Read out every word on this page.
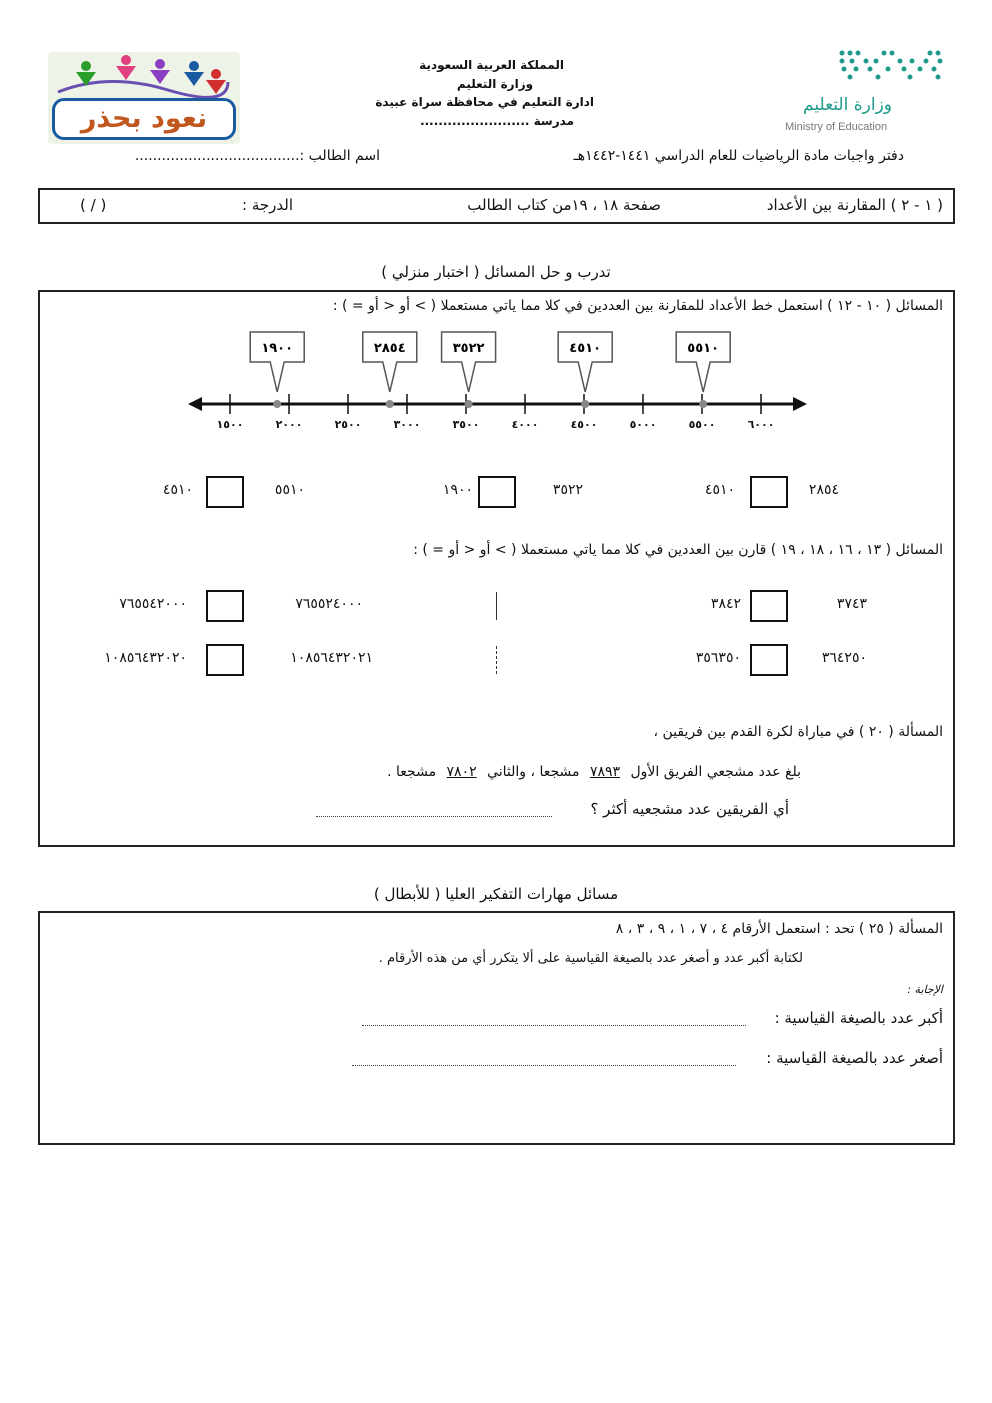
وزارة التعليم
Ministry of Education
المملكة العربية السعودية
وزارة التعليم
ادارة التعليم في محافظة سراة عبيدة
مدرسة ........................
نعود بحذر
دفتر واجبات مادة الرياضيات للعام الدراسي ١٤٤١-١٤٤٢هـ
اسم الطالب :.....................................
( ١ - ٢ ) المقارنة بين الأعداد
صفحة ١٨ ، ١٩من كتاب الطالب
الدرجة :
( / )
تدرب و حل المسائل ( اختبار منزلي )
المسائل ( ١٠ - ١٢ ) استعمل خط الأعداد للمقارنة بين العددين في كلا مما ياتي مستعملا ( > أو < أو = ) :
١٩٠٠	٢٨٥٤	٣٥٢٢	٤٥١٠	٥٥١٠
١٥٠٠	٢٠٠٠	٢٥٠٠	٣٠٠٠	٣٥٠٠	٤٠٠٠	٤٥٠٠	٥٠٠٠	٥٥٠٠	٦٠٠٠
٢٨٥٤
٤٥١٠
٣٥٢٢
١٩٠٠
٥٥١٠
٤٥١٠
المسائل ( ١٣ ، ١٦ ، ١٨ ، ١٩ ) قارن بين العددين في كلا مما ياتي مستعملا ( > أو < أو = ) :
٣٧٤٣
٣٨٤٢
٧٦٥٥٢٤٠٠٠
٧٦٥٥٤٢٠٠٠
٣٦٤٢٥٠
٣٥٦٣٥٠
١٠٨٥٦٤٣٢٠٢١
١٠٨٥٦٤٣٢٠٢٠
المسألة ( ٢٠ ) في مباراة لكرة القدم بين فريقين ،
بلغ عدد مشجعي الفريق الأول ٧٨٩٣ مشجعا ، والثاني ٧٨٠٢ مشجعا .
أي الفريقين عدد مشجعيه أكثر ؟
مسائل مهارات التفكير العليا ( للأبطال )
المسألة ( ٢٥ ) تحد : استعمل الأرقام ٤ ، ٧ ، ١ ، ٩ ، ٣ ، ٨
لكتابة أكبر عدد و أصغر عدد بالصيغة القياسية على ألا يتكرر أي من هذه الأرقام .
الإجابة :
أكبر عدد بالصيغة القياسية :
أصغر عدد بالصيغة القياسية :
